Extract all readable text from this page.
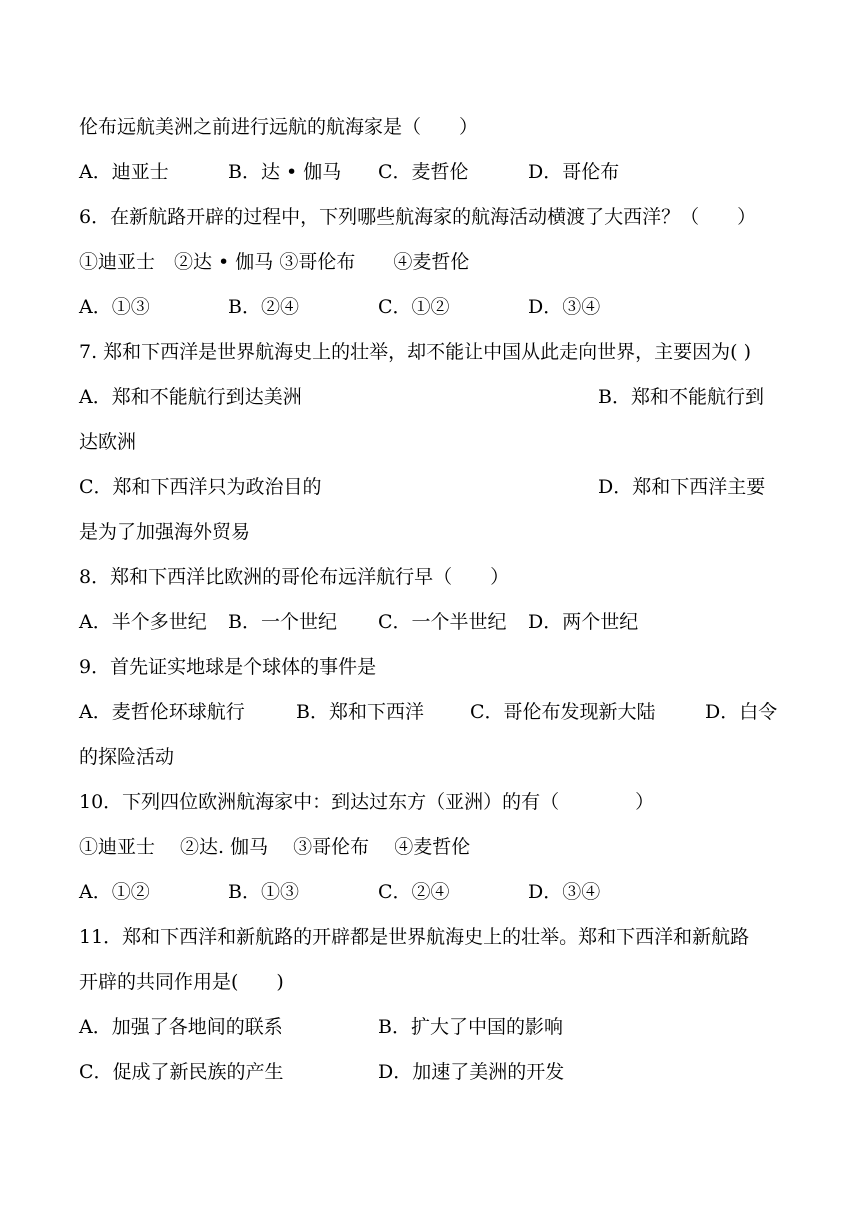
伦布远航美洲之前进行远航的航海家是（　　）
A．迪亚士	B．达 • 伽马 C．麦哲伦	D．哥伦布
6．在新航路开辟的过程中，下列哪些航海家的航海活动横渡了大西洋？（　　）
①迪亚士　②达 • 伽马 ③哥伦布　　④麦哲伦
A．①③	B．②④	C．①②	D．③④
7. 郑和下西洋是世界航海史上的壮举，却不能让中国从此走向世界，主要因为( )
A．郑和不能航行到达美洲	B．郑和不能航行到
达欧洲
C．郑和下西洋只为政治目的	D．郑和下西洋主要
是为了加强海外贸易
8．郑和下西洋比欧洲的哥伦布远洋航行早（　　）
A．半个多世纪 B．一个世纪 C．一个半世纪 D．两个世纪
9．首先证实地球是个球体的事件是
A．麦哲伦环球航行	B．郑和下西洋 C．哥伦布发现新大陆	D．白令
的探险活动
10．下列四位欧洲航海家中：到达过东方（亚洲）的有（　　　　）
①迪亚士　 ②达. 伽马　 ③哥伦布　 ④麦哲伦
A．①②	B．①③	C．②④	D．③④
11．郑和下西洋和新航路的开辟都是世界航海史上的壮举。郑和下西洋和新航路
开辟的共同作用是(　　)
A．加强了各地间的联系	B．扩大了中国的影响
C．促成了新民族的产生	D．加速了美洲的开发
